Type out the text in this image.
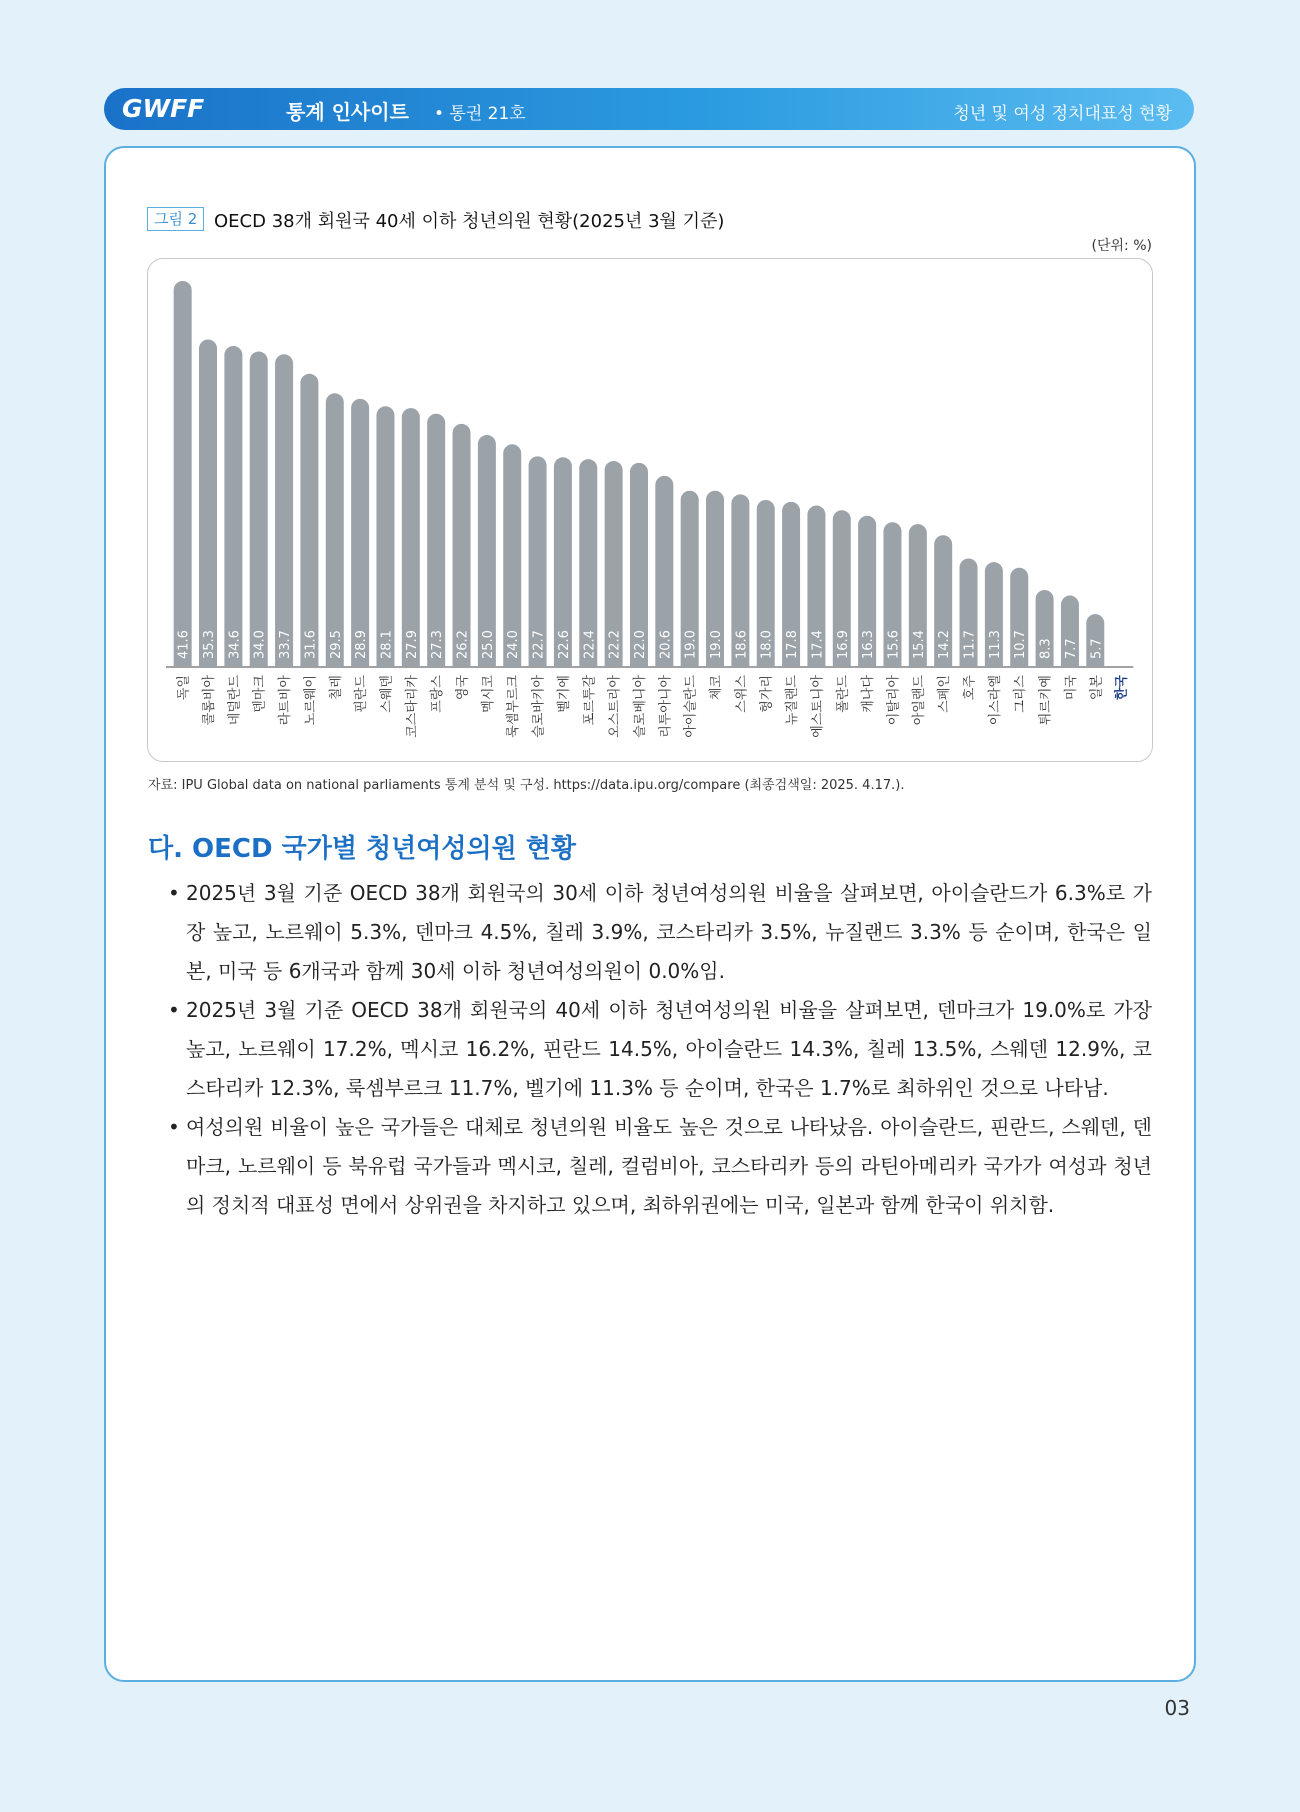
GWFF	통계 인사이트 • 통권 21호	청년 및 여성 정치대표성 현황
그림 2 OECD 38개 회원국 40세 이하 청년의원 현황(2025년 3월 기준)
(단위: %)
41.6
독일
35.3
콜롬비아
34.6
네덜란드
34.0
덴마크
33.7
라트비아
31.6
노르웨이
29.5
칠레
28.9
핀란드
28.1
스웨덴
27.9
코스타리카
27.3
프랑스
26.2
영국
25.0
멕시코
24.0
룩셈부르크
22.7
슬로바키아
22.6
벨기에
22.4
포르투갈
22.2
오스트리아
22.0
슬로베니아
20.6
리투아니아
19.0
아이슬란드
19.0
체코
18.6
스위스
18.0
헝가리
17.8
뉴질랜드
17.4
에스토니아
16.9
폴란드
16.3
캐나다
15.6
이탈리아
15.4
아일랜드
14.2
스페인
11.7
호주
11.3
이스라엘
10.7
그리스
8.3
튀르키예
7.7
미국
5.7
일본 한국
자료: IPU Global data on national parliaments 통계 분석 및 구성. https://data.ipu.org/compare (최종검색일: 2025. 4.17.).
다. OECD 국가별 청년여성의원 현황
• 2025년 3월 기준 OECD 38개 회원국의 30세 이하 청년여성의원 비율을 살펴보면, 아이슬란드가 6.3%로 가장 높고, 노르웨이 5.3%, 덴마크 4.5%, 칠레 3.9%, 코스타리카 3.5%, 뉴질랜드 3.3% 등 순이며, 한국은 일본, 미국 등 6개국과 함께 30세 이하 청년여성의원이 0.0%임.
• 2025년 3월 기준 OECD 38개 회원국의 40세 이하 청년여성의원 비율을 살펴보면, 덴마크가 19.0%로 가장 높고, 노르웨이 17.2%, 멕시코 16.2%, 핀란드 14.5%, 아이슬란드 14.3%, 칠레 13.5%, 스웨덴 12.9%, 코스타리카 12.3%, 룩셈부르크 11.7%, 벨기에 11.3% 등 순이며, 한국은 1.7%로 최하위인 것으로 나타남.
• 여성의원 비율이 높은 국가들은 대체로 청년의원 비율도 높은 것으로 나타났음. 아이슬란드, 핀란드, 스웨덴, 덴마크, 노르웨이 등 북유럽 국가들과 멕시코, 칠레, 컬럼비아, 코스타리카 등의 라틴아메리카 국가가 여성과 청년의 정치적 대표성 면에서 상위권을 차지하고 있으며, 최하위권에는 미국, 일본과 함께 한국이 위치함.
03
